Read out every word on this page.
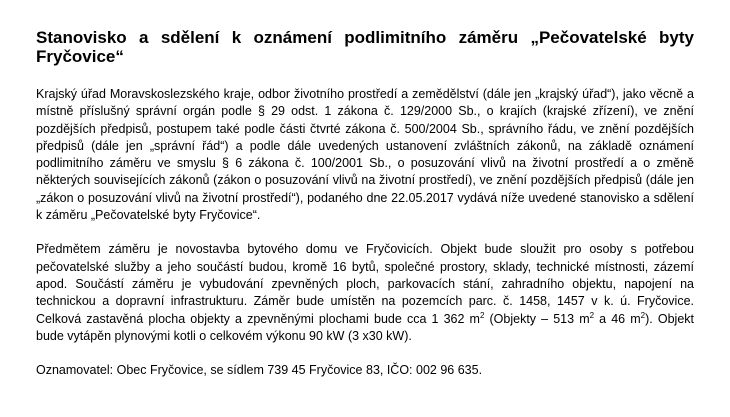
Stanovisko a sdělení k oznámení podlimitního záměru „Pečovatelské byty Fryčovice“

Krajský úřad Moravskoslezského kraje, odbor životního prostředí a zemědělství (dále jen „krajský úřad“), jako věcně a místně příslušný správní orgán podle § 29 odst. 1 zákona č. 129/2000 Sb., o krajích (krajské zřízení), ve znění pozdějších předpisů, postupem také podle části čtvrté zákona č. 500/2004 Sb., správního řádu, ve znění pozdějších předpisů (dále jen „správní řád“) a podle dále uvedených ustanovení zvláštních zákonů, na základě oznámení podlimitního záměru ve smyslu § 6 zákona č. 100/2001 Sb., o posuzování vlivů na životní prostředí a o změně některých souvisejících zákonů (zákon o posuzování vlivů na životní prostředí), ve znění pozdějších předpisů (dále jen „zákon o posuzování vlivů na životní prostředí“), podaného dne 22.05.2017 vydává níže uvedené stanovisko a sdělení k záměru „Pečovatelské byty Fryčovice“.

Předmětem záměru je novostavba bytového domu ve Fryčovicích. Objekt bude sloužit pro osoby s potřebou pečovatelské služby a jeho součástí budou, kromě 16 bytů, společné prostory, sklady, technické místnosti, zázemí apod. Součástí záměru je vybudování zpevněných ploch, parkovacích stání, zahradního objektu, napojení na technickou a dopravní infrastrukturu. Záměr bude umístěn na pozemcích parc. č. 1458, 1457 v k. ú. Fryčovice. Celková zastavěná plocha objekty a zpevněnými plochami bude cca 1 362 $m^2$ (Objekty – 513 $m^2$ a 46 $m^2$). Objekt bude vytápěn plynovými kotli o celkovém výkonu 90 kW (3 x30 kW).

Oznamovatel: Obec Fryčovice, se sídlem 739 45 Fryčovice 83, IČO: 002 96 635.
